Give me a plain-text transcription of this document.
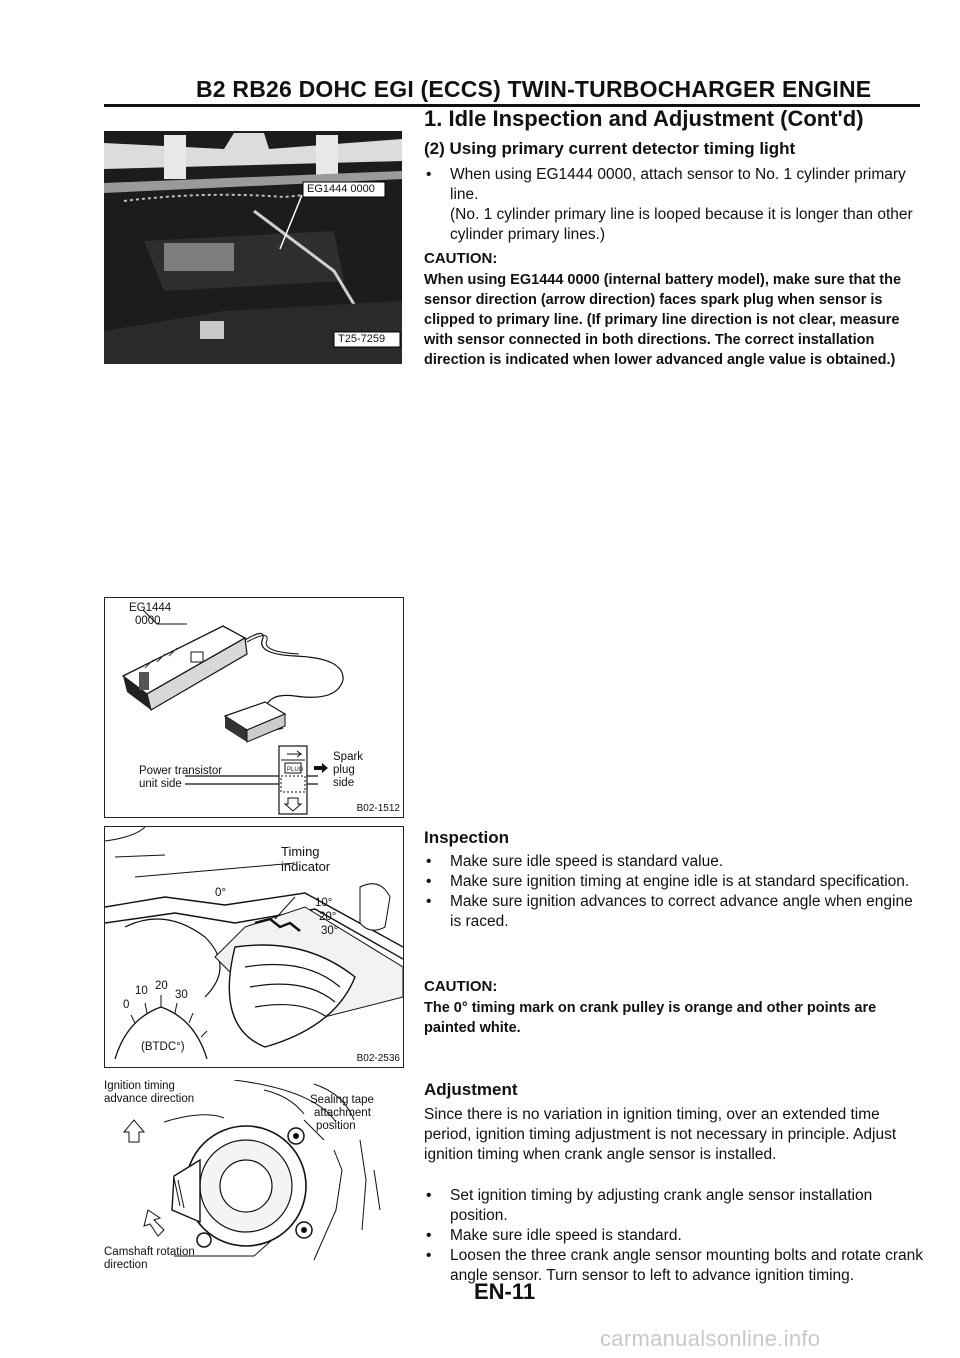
B2 RB26 DOHC EGI (ECCS) TWIN-TURBOCHARGER ENGINE
1. Idle Inspection and Adjustment (Cont'd)
EG1444 0000
T25-7259
(2) Using primary current detector timing light
• When using EG1444 0000, attach sensor to No. 1 cylinder primary line.
(No. 1 cylinder primary line is looped because it is longer than other cylinder primary lines.)
CAUTION:
When using EG1444 0000 (internal battery model), make sure that the sensor direction (arrow direction) faces spark plug when sensor is clipped to primary line. (If primary line direction is not clear, measure with sensor connected in both directions. The correct installation direction is indicated when lower advanced angle value is obtained.)
EG1444
0000
PLUG
Power transistor
unit side
Spark
plug
side
B02-1512
Timing
indicator
0°
10°
20°
30°
0
10 20
30
(BTDC°)
B02-2536
Ignition timing
advance direction	Sealing tape
attachment
position
Camshaft rotation
direction
Inspection
• Make sure idle speed is standard value.
• Make sure ignition timing at engine idle is at standard specification.
• Make sure ignition advances to correct advance angle when engine is raced.
CAUTION:
The 0° timing mark on crank pulley is orange and other points are painted white.
Adjustment
Since there is no variation in ignition timing, over an extended time period, ignition timing adjustment is not necessary in principle. Adjust ignition timing when crank angle sensor is installed.
• Set ignition timing by adjusting crank angle sensor installation position.
• Make sure idle speed is standard.
• Loosen the three crank angle sensor mounting bolts and rotate crank angle sensor. Turn sensor to left to advance ignition timing.
EN-11
carmanualsonline.info
